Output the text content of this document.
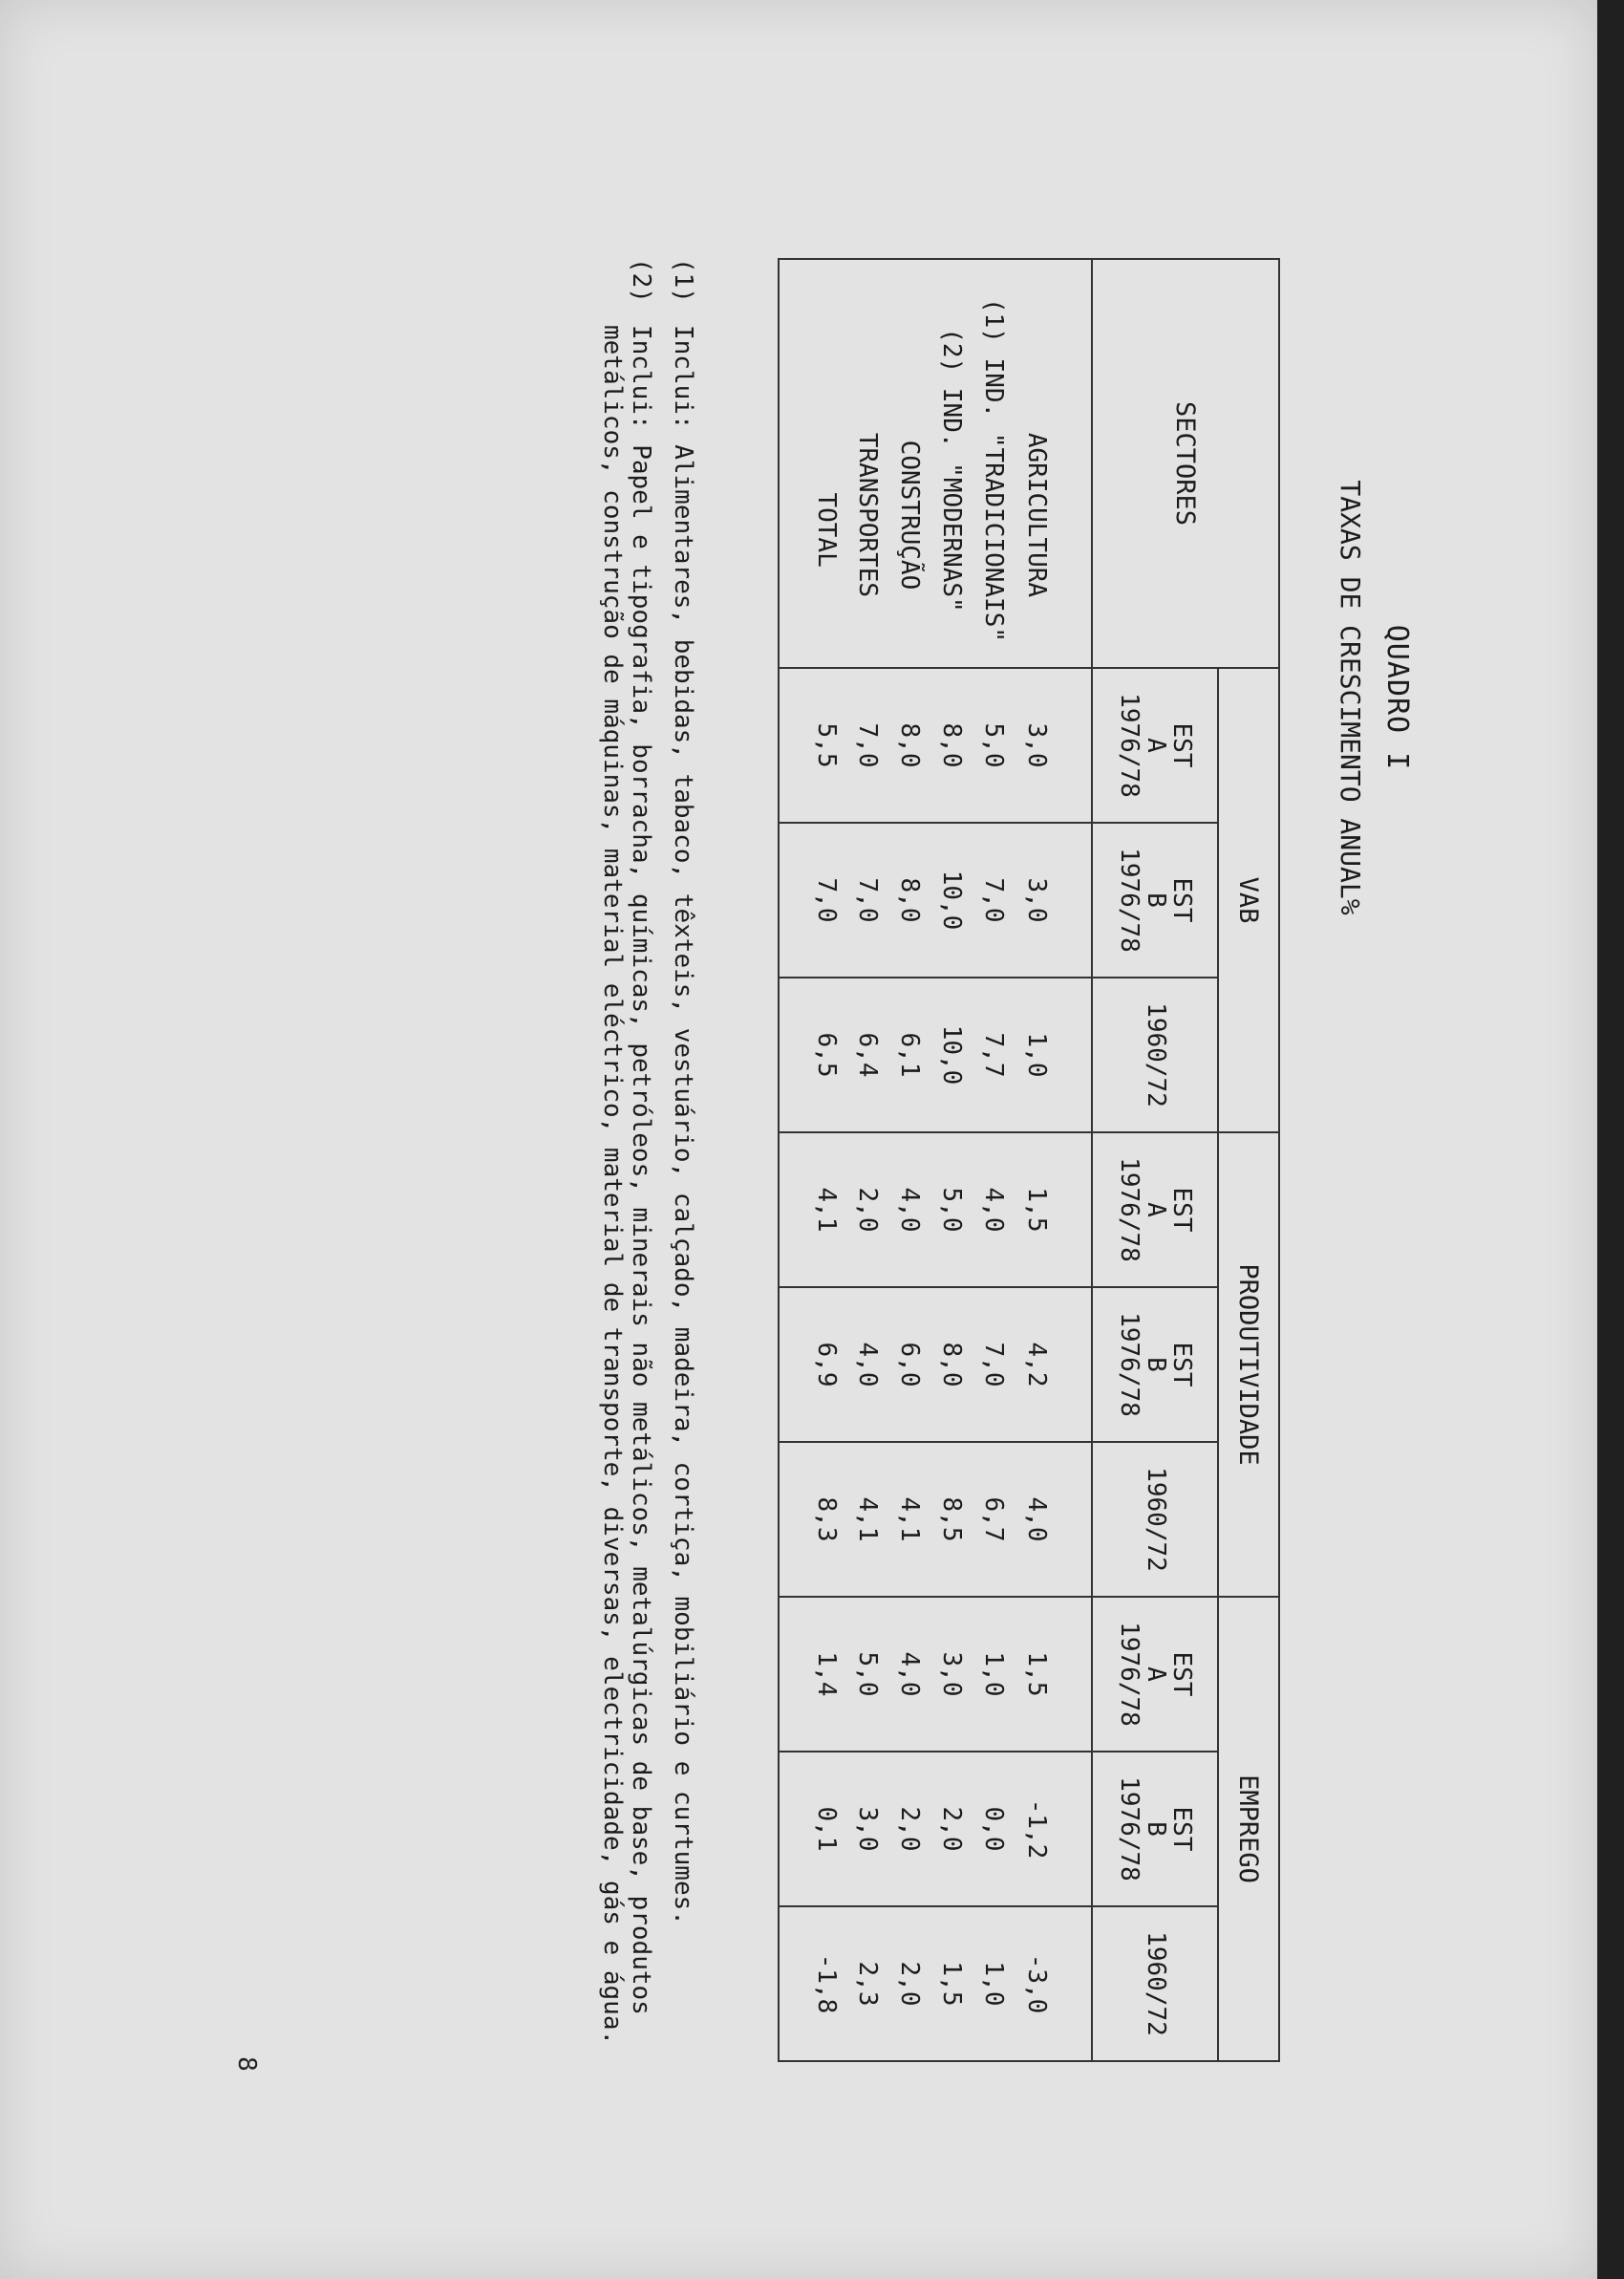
QUADRO I
TAXAS DE CRESCIMENTO ANUAL%
SECTORES	VAB			PRODUTIVIDADE			EMPREGO		

	EST
A
1976/78	EST
B
1976/78	1960/72	EST
A
1976/78	EST
B
1976/78	1960/72	EST
A
1976/78	EST
B
1976/78	1960/72

AGRICULTURA	3,0	3,0	1,0	1,5	4,2	4,0	1,5	-1,2	-3,0
(1) IND. "TRADICIONAIS"	5,0	7,0	7,7	4,0	7,0	6,7	1,0	0,0	1,0
(2) IND. "MODERNAS"	8,0	10,0	10,0	5,0	8,0	8,5	3,0	2,0	1,5
CONSTRUÇÃO	8,0	8,0	6,1	4,0	6,0	4,1	4,0	2,0	2,0
TRANSPORTES	7,0	7,0	6,4	2,0	4,0	4,1	5,0	3,0	2,3
TOTAL	5,5	7,0	6,5	4,1	6,9	8,3	1,4	0,1	-1,8
(1)
Inclui: Alimentares, bebidas, tabaco, têxteis, vestuário, calçado, madeira, cortiça, mobiliário e curtumes.
(2)
Inclui: Papel e tipografia, borracha, químicas, petróleos, minerais não metálicos, metalúrgicas de base, produtos metálicos, construção de máquinas, material eléctrico, material de transporte, diversas, electricidade, gás e água.
8
